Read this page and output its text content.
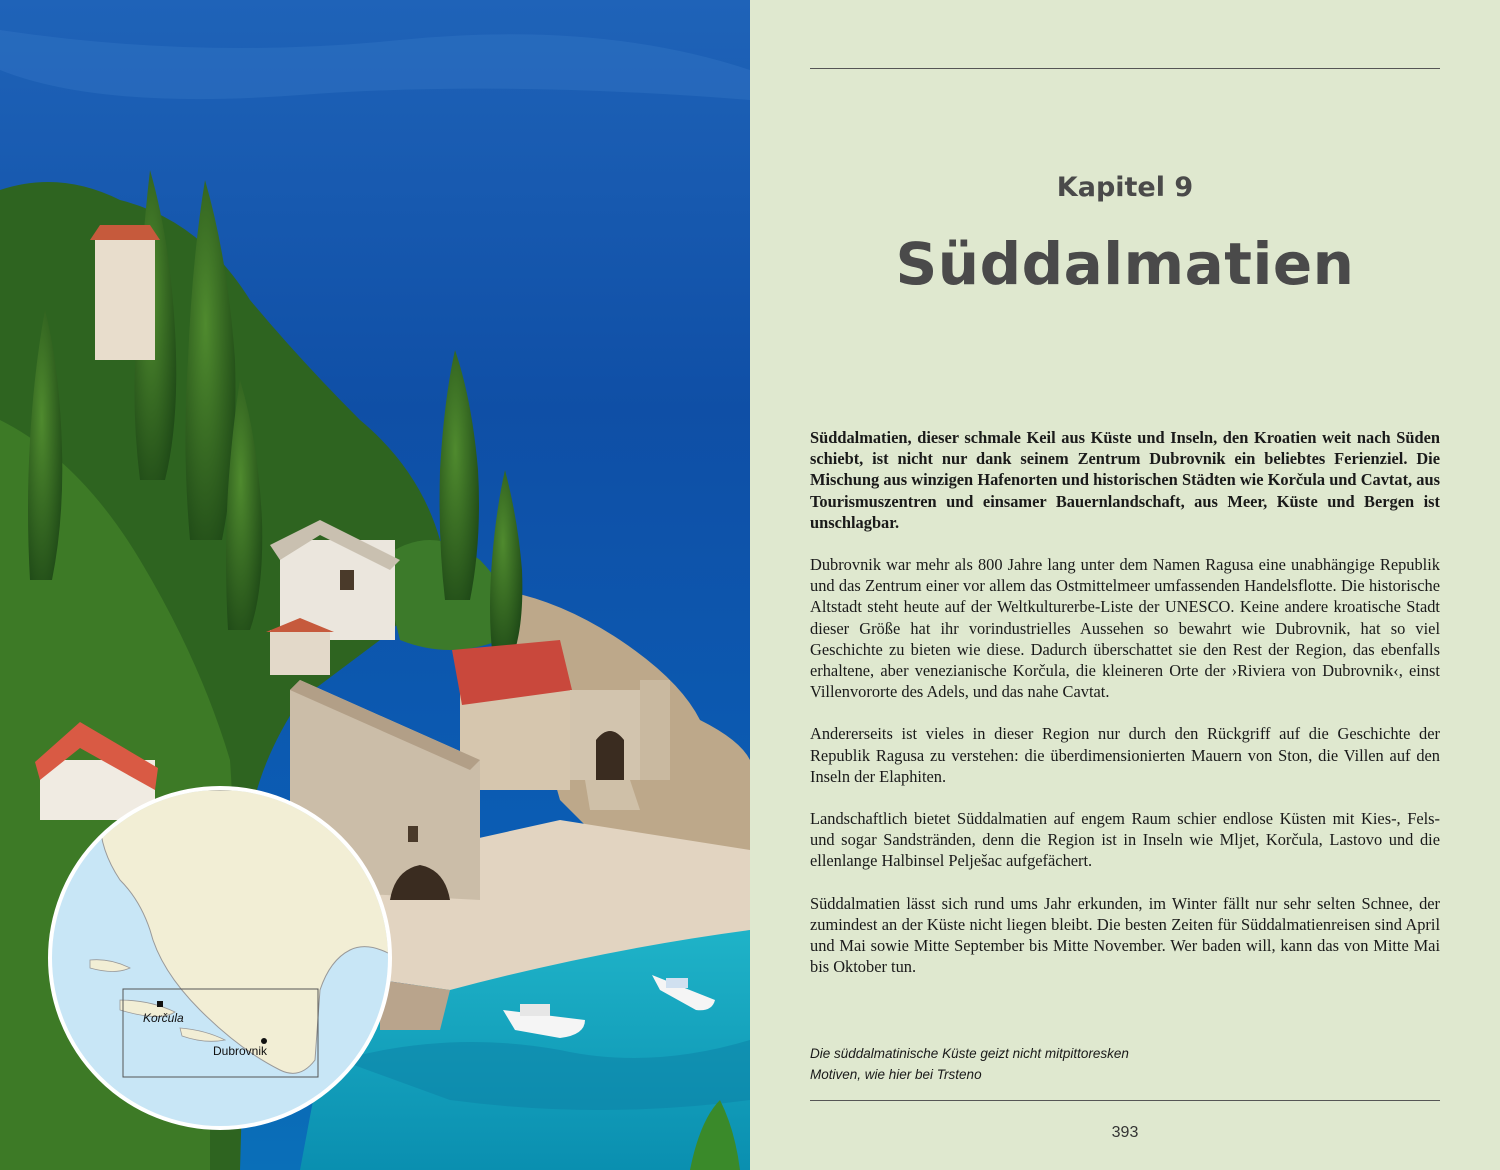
Korčula
Dubrovnik
Kapitel 9
Süddalmatien

Süddalmatien, dieser schmale Keil aus Küste und Inseln, den Kroatien weit nach Süden schiebt, ist nicht nur dank seinem Zentrum Dubrovnik ein beliebtes Ferienziel. Die Mischung aus winzigen Hafenorten und historischen Städten wie Korčula und Cavtat, aus Tourismuszentren und einsamer Bauernlandschaft, aus Meer, Küste und Bergen ist unschlagbar.

Dubrovnik war mehr als 800 Jahre lang unter dem Namen Ragusa eine unabhängige Republik und das Zentrum einer vor allem das Ostmittelmeer umfassenden Handelsflotte. Die historische Altstadt steht heute auf der Weltkulturerbe-Liste der UNESCO. Keine andere kroatische Stadt dieser Größe hat ihr vorindustrielles Aussehen so bewahrt wie Dubrovnik, hat so viel Geschichte zu bieten wie diese. Dadurch überschattet sie den Rest der Region, das ebenfalls erhaltene, aber venezianische Korčula, die kleineren Orte der ›Riviera von Dubrovnik‹, einst Villenvororte des Adels, und das nahe Cavtat.

Andererseits ist vieles in dieser Region nur durch den Rückgriff auf die Geschichte der Republik Ragusa zu verstehen: die überdimensionierten Mauern von Ston, die Villen auf den Inseln der Elaphiten.

Landschaftlich bietet Süddalmatien auf engem Raum schier endlose Küsten mit Kies-, Fels- und sogar Sandstränden, denn die Region ist in Inseln wie Mljet, Korčula, Lastovo und die ellenlange Halbinsel Pelješac aufgefächert.

Süddalmatien lässt sich rund ums Jahr erkunden, im Winter fällt nur sehr selten Schnee, der zumindest an der Küste nicht liegen bleibt. Die besten Zeiten für Süddalmatienreisen sind April und Mai sowie Mitte September bis Mitte November. Wer baden will, kann das von Mitte Mai bis Oktober tun.

Die süddalmatinische Küste geizt nicht mitpittoresken Motiven, wie hier bei Trsteno
393
